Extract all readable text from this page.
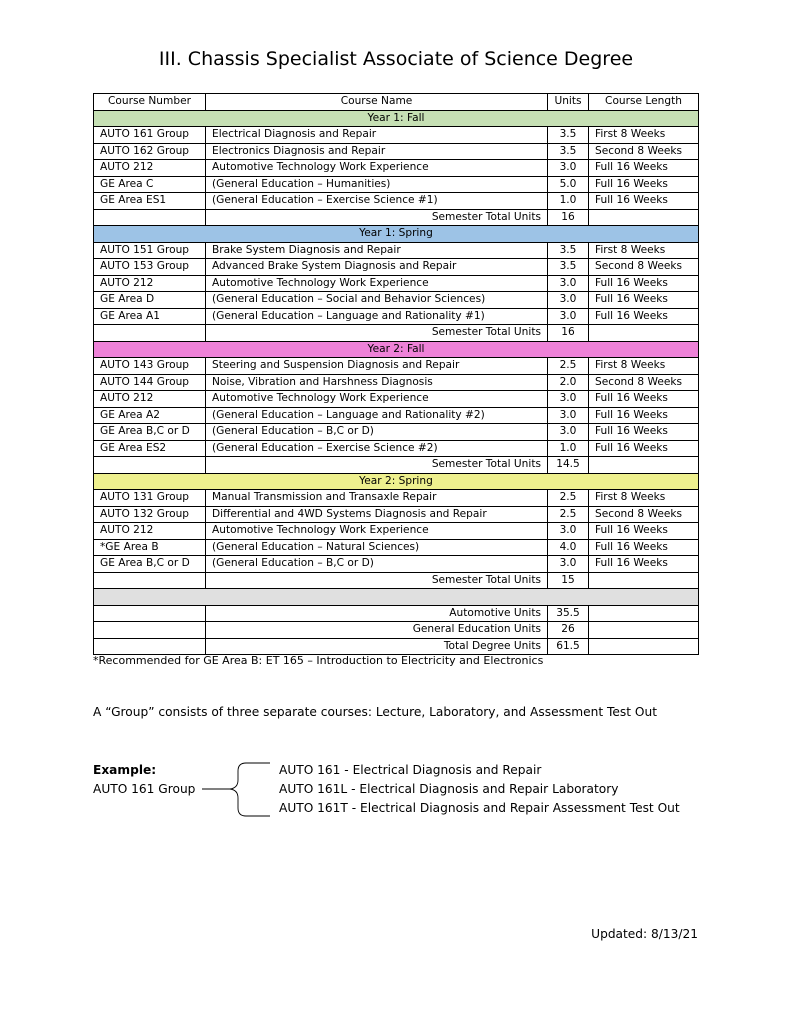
III. Chassis Specialist Associate of Science Degree
Course Number	Course Name	Units	Course Length
Year 1: Fall			
AUTO 161 Group	Electrical Diagnosis and Repair	3.5	First 8 Weeks
AUTO 162 Group	Electronics Diagnosis and Repair	3.5	Second 8 Weeks
AUTO 212	Automotive Technology Work Experience	3.0	Full 16 Weeks
GE Area C	(General Education – Humanities)	5.0	Full 16 Weeks
GE Area ES1	(General Education – Exercise Science #1)	1.0	Full 16 Weeks
	Semester Total Units	16	
Year 1: Spring			
AUTO 151 Group	Brake System Diagnosis and Repair	3.5	First 8 Weeks
AUTO 153 Group	Advanced Brake System Diagnosis and Repair	3.5	Second 8 Weeks
AUTO 212	Automotive Technology Work Experience	3.0	Full 16 Weeks
GE Area D	(General Education – Social and Behavior Sciences)	3.0	Full 16 Weeks
GE Area A1	(General Education – Language and Rationality #1)	3.0	Full 16 Weeks
	Semester Total Units	16	
Year 2: Fall			
AUTO 143 Group	Steering and Suspension Diagnosis and Repair	2.5	First 8 Weeks
AUTO 144 Group	Noise, Vibration and Harshness Diagnosis	2.0	Second 8 Weeks
AUTO 212	Automotive Technology Work Experience	3.0	Full 16 Weeks
GE Area A2	(General Education – Language and Rationality #2)	3.0	Full 16 Weeks
GE Area B,C or D	(General Education – B,C or D)	3.0	Full 16 Weeks
GE Area ES2	(General Education – Exercise Science #2)	1.0	Full 16 Weeks
	Semester Total Units	14.5	
Year 2: Spring			
AUTO 131 Group	Manual Transmission and Transaxle Repair	2.5	First 8 Weeks
AUTO 132 Group	Differential and 4WD Systems Diagnosis and Repair	2.5	Second 8 Weeks
AUTO 212	Automotive Technology Work Experience	3.0	Full 16 Weeks
*GE Area B	(General Education – Natural Sciences)	4.0	Full 16 Weeks
GE Area B,C or D	(General Education – B,C or D)	3.0	Full 16 Weeks
	Semester Total Units	15	

	Automotive Units	35.5	
	General Education Units	26	
	Total Degree Units	61.5	
*Recommended for GE Area B: ET 165 – Introduction to Electricity and Electronics
A “Group” consists of three separate courses: Lecture, Laboratory, and Assessment Test Out
Example:
AUTO 161 Group
AUTO 161 - Electrical Diagnosis and Repair
AUTO 161L - Electrical Diagnosis and Repair Laboratory
AUTO 161T - Electrical Diagnosis and Repair Assessment Test Out
Updated: 8/13/21
